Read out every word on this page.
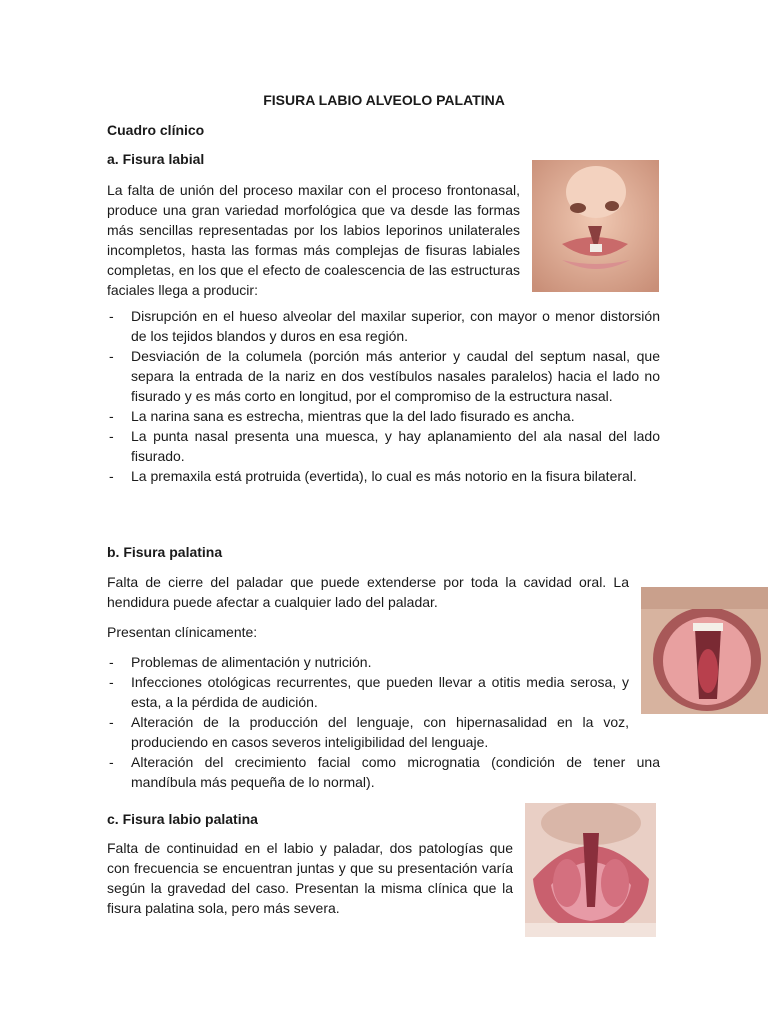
FISURA LABIO ALVEOLO PALATINA
Cuadro clínico
a. Fisura labial
La falta de unión del proceso maxilar con el proceso frontonasal, produce una gran variedad morfológica que va desde las formas más sencillas representadas por los labios leporinos unilaterales incompletos, hasta las formas más complejas de fisuras labiales completas, en los que el efecto de coalescencia de las estructuras faciales llega a producir:
- Disrupción en el hueso alveolar del maxilar superior, con mayor o menor distorsión de los tejidos blandos y duros en esa región.
- Desviación de la columela (porción más anterior y caudal del septum nasal, que separa la entrada de la nariz en dos vestíbulos nasales paralelos) hacia el lado no fisurado y es más corto en longitud, por el compromiso de la estructura nasal.
- La narina sana es estrecha, mientras que la del lado fisurado es ancha.
- La punta nasal presenta una muesca, y hay aplanamiento del ala nasal del lado fisurado.
- La premaxila está protruida (evertida), lo cual es más notorio en la fisura bilateral.
b. Fisura palatina
Falta de cierre del paladar que puede extenderse por toda la cavidad oral. La hendidura puede afectar a cualquier lado del paladar.
Presentan clínicamente:
- Problemas de alimentación y nutrición.
- Infecciones otológicas recurrentes, que pueden llevar a otitis media serosa, y esta, a la pérdida de audición.
- Alteración de la producción del lenguaje, con hipernasalidad en la voz, produciendo en casos severos inteligibilidad del lenguaje.
- Alteración del crecimiento facial como micrognatia (condición de tener una mandíbula más pequeña de lo normal).
c. Fisura labio palatina
Falta de continuidad en el labio y paladar, dos patologías que con frecuencia se encuentran juntas y que su presentación varía según la gravedad del caso. Presentan la misma clínica que la fisura palatina sola, pero más severa.
